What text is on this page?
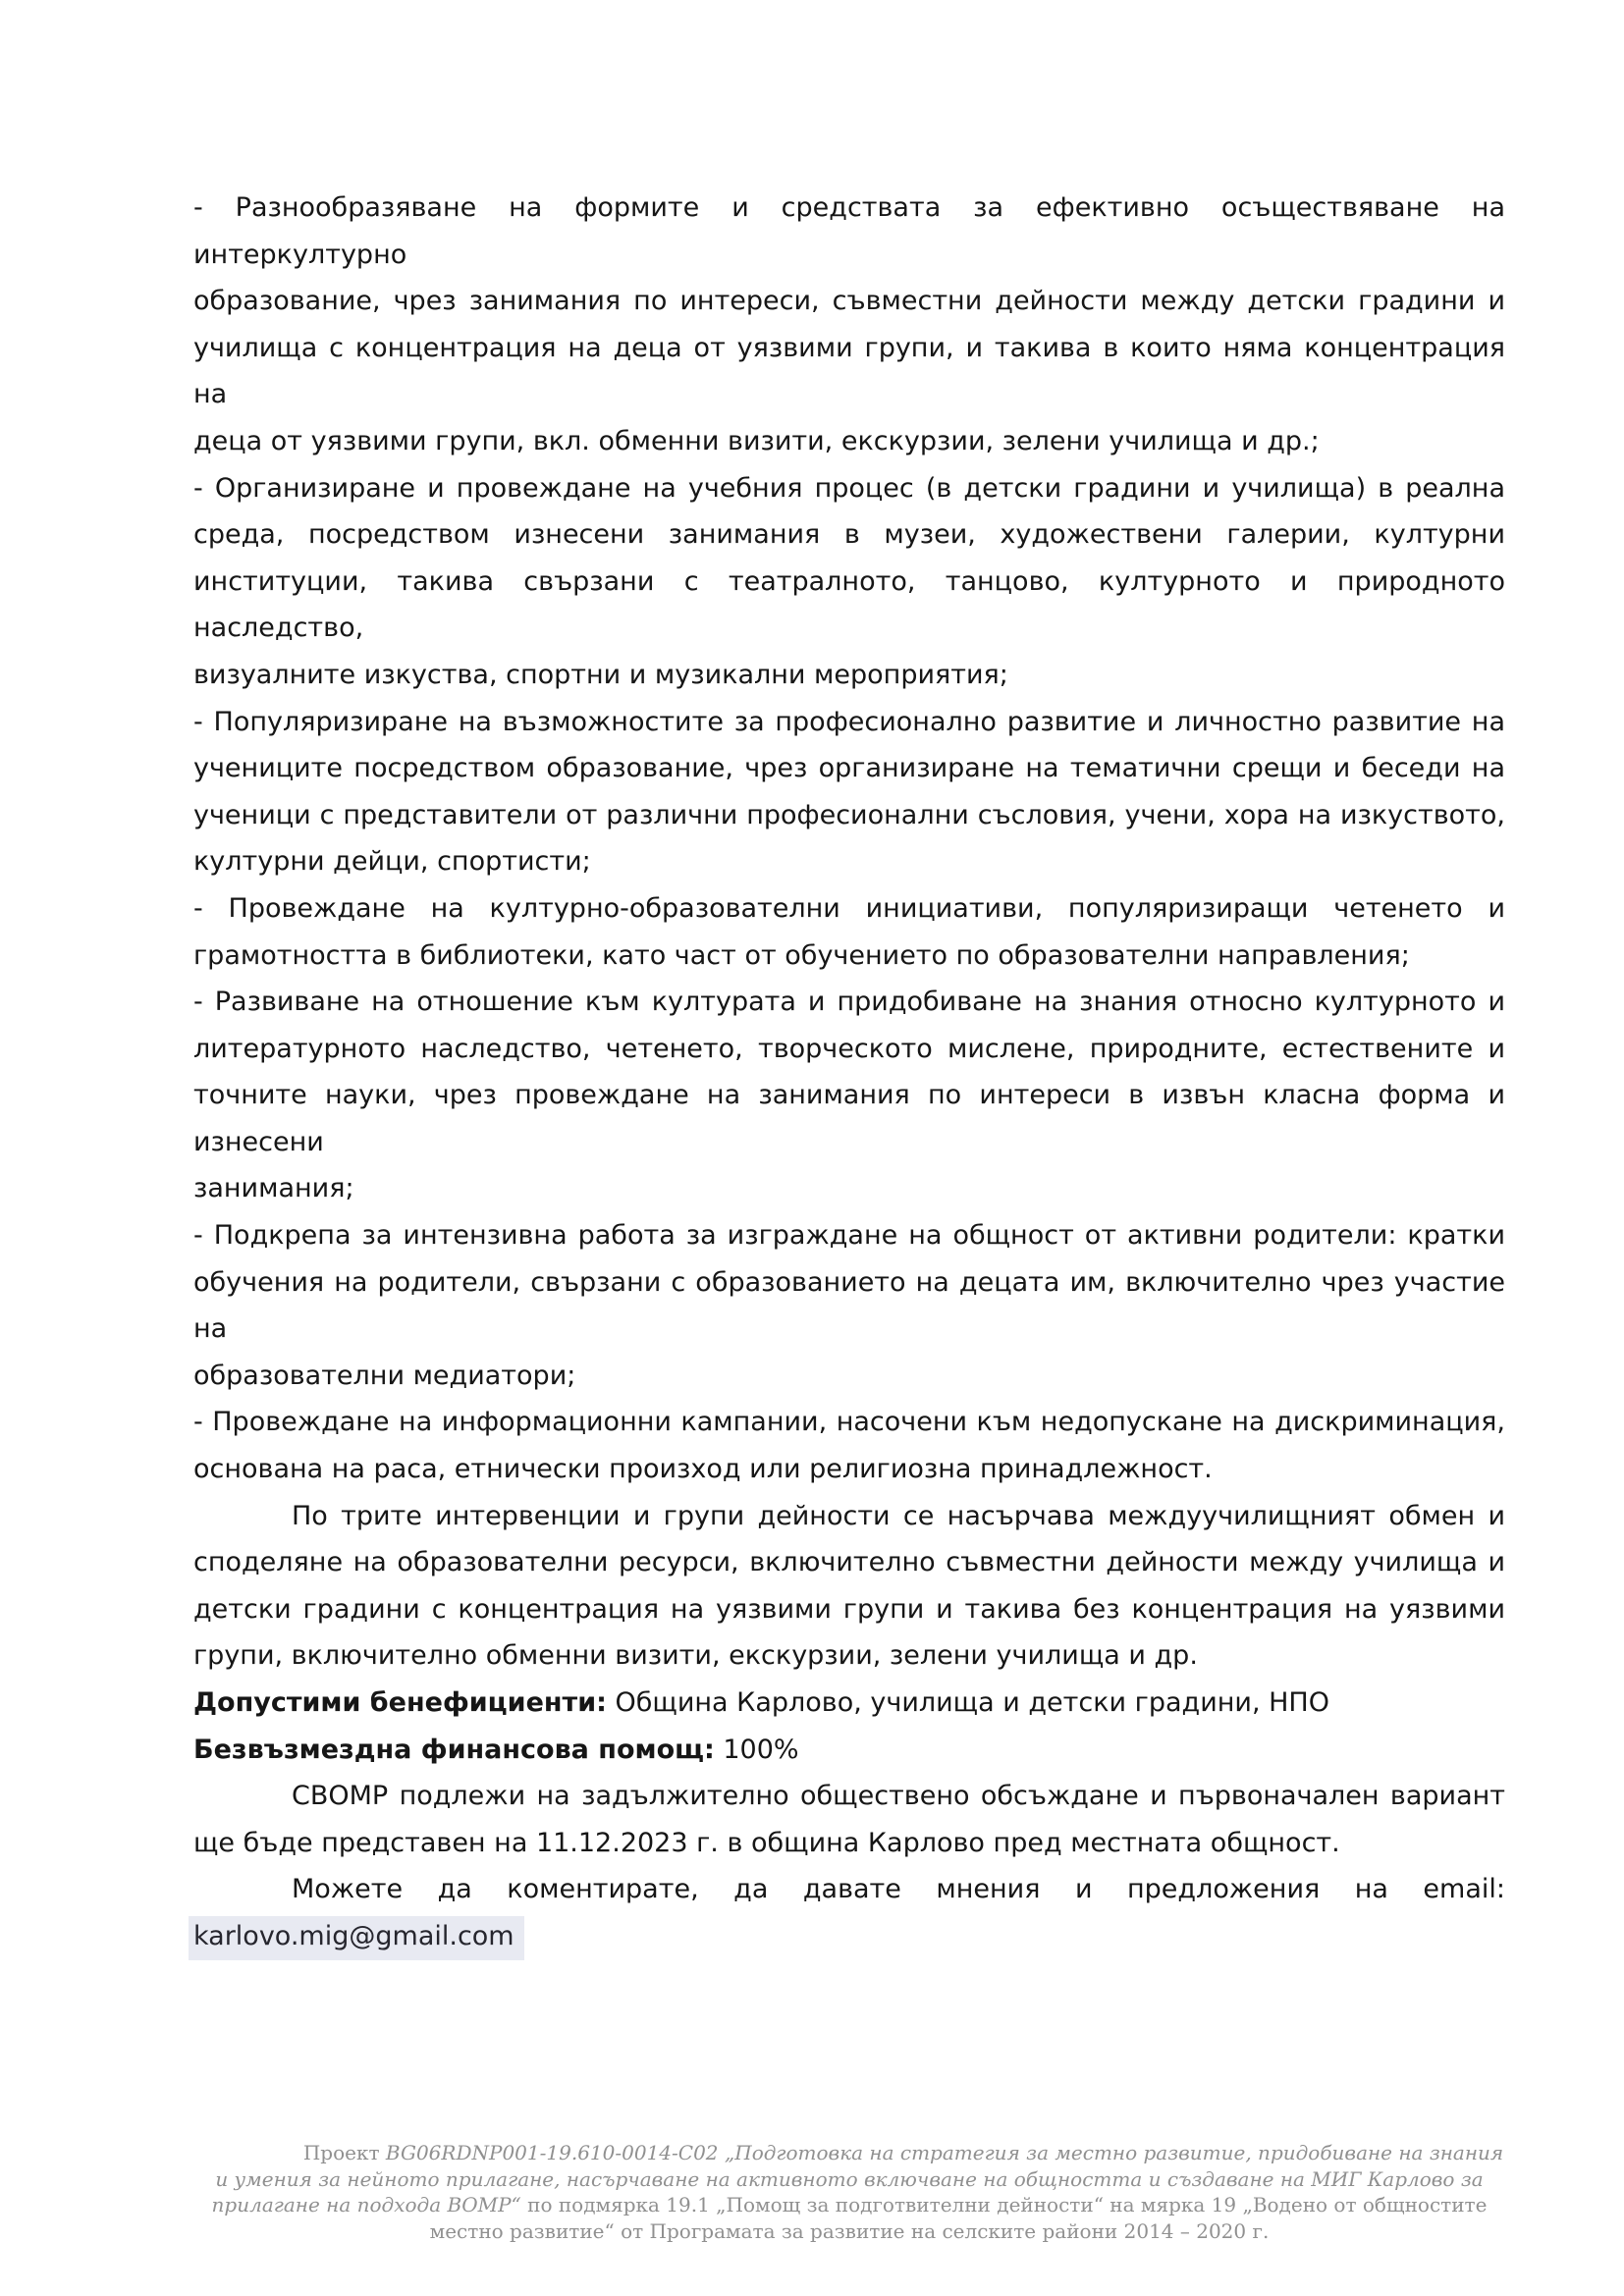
- Разнообразяване на формите и средствата за ефективно осъществяване на интеркултурно
образование, чрез занимания по интереси, съвместни дейности между детски градини и
училища с концентрация на деца от уязвими групи, и такива в които няма концентрация на
деца от уязвими групи, вкл. обменни визити, екскурзии, зелени училища и др.;

- Организиране и провеждане на учебния процес (в детски градини и училища) в реална
среда, посредством изнесени занимания в музеи, художествени галерии, културни
институции, такива свързани с театралното, танцово, културното и природното наследство,
визуалните изкуства, спортни и музикални мероприятия;

- Популяризиране на възможностите за професионално развитие и личностно развитие на
учениците посредством образование, чрез организиране на тематични срещи и беседи на
ученици с представители от различни професионални съсловия, учени, хора на изкуството,
културни дейци, спортисти;

- Провеждане на културно-образователни инициативи, популяризиращи четенето и
грамотността в библиотеки, като част от обучението по образователни направления;

- Развиване на отношение към културата и придобиване на знания относно културното и
литературното наследство, четенето, творческото мислене, природните, естествените и
точните науки, чрез провеждане на занимания по интереси в извън класна форма и изнесени
занимания;

- Подкрепа за интензивна работа за изграждане на общност от активни родители: кратки
обучения на родители, свързани с образованието на децата им, включително чрез участие на
образователни медиатори;

- Провеждане на информационни кампании, насочени към недопускане на дискриминация,
основана на раса, етнически произход или религиозна принадлежност.

По трите интервенции и групи дейности се насърчава междуучилищният обмен и
споделяне на образователни ресурси, включително съвместни дейности между училища и
детски градини с концентрация на уязвими групи и такива без концентрация на уязвими
групи, включително обменни визити, екскурзии, зелени училища и др.

Допустими бенефициенти: Община Карлово, училища и детски градини, НПО

Безвъзмездна финансова помощ: 100%

СВОМР подлежи на задължително обществено обсъждане и първоначален вариант
ще бъде представен на 11.12.2023 г. в община Карлово пред местната общност.

Можете да коментирате, да давате мнения и предложения на email:
karlovo.mig@gmail.com

Проект BG06RDNP001-19.610-0014-C02 „Подготовка на стратегия за местно развитие, придобиване на знания и умения за нейното прилагане, насърчаване на активното включване на общността и създаване на МИГ Карлово за прилагане на подхода ВОМР“ по подмярка 19.1 „Помощ за подготвителни дейности“ на мярка 19 „Водено от общностите местно развитие“ от Програмата за развитие на селските райони 2014 – 2020 г.
